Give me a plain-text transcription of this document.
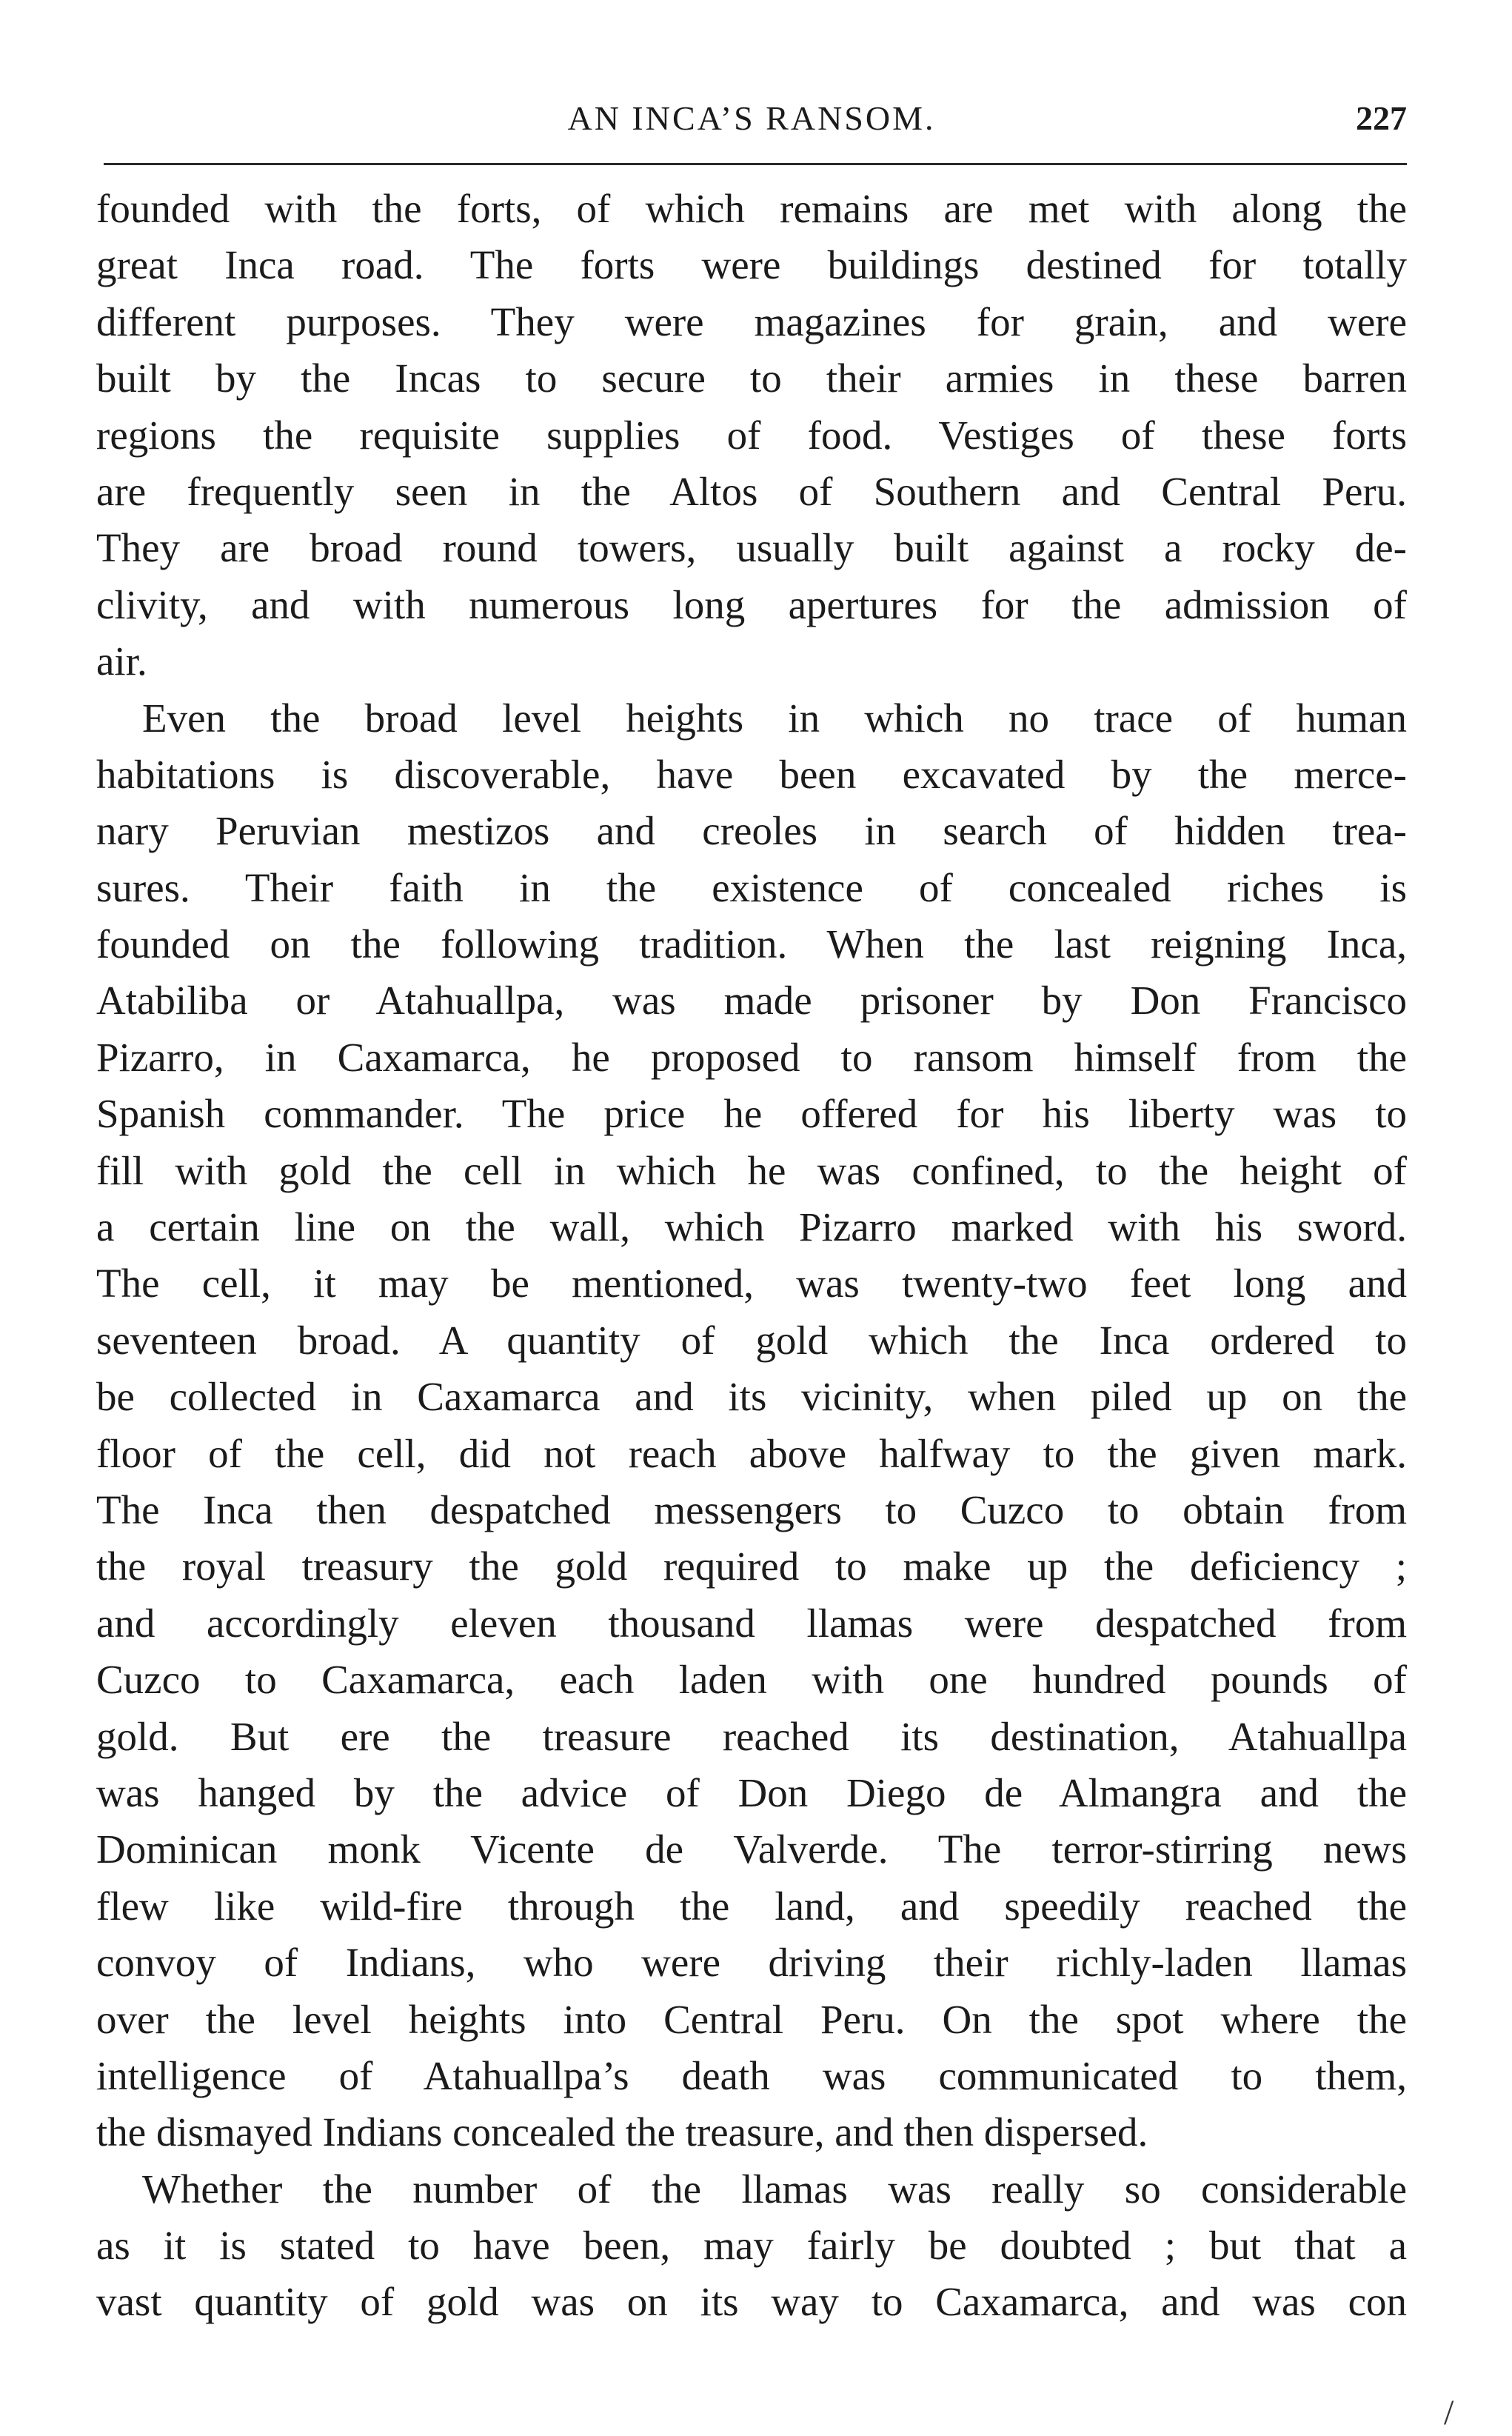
AN INCA’S RANSOM.	227
founded with the forts, of which remains are met with along the
great Inca road. The forts were buildings destined for totally
different purposes. They were magazines for grain, and were
built by the Incas to secure to their armies in these barren
regions the requisite supplies of food. Vestiges of these forts
are frequently seen in the Altos of Southern and Central Peru.
They are broad round towers, usually built against a rocky de-
clivity, and with numerous long apertures for the admission of
air.
Even the broad level heights in which no trace of human
habitations is discoverable, have been excavated by the merce-
nary Peruvian mestizos and creoles in search of hidden trea-
sures. Their faith in the existence of concealed riches is
founded on the following tradition. When the last reigning Inca,
Atabiliba or Atahuallpa, was made prisoner by Don Francisco
Pizarro, in Caxamarca, he proposed to ransom himself from the
Spanish commander. The price he offered for his liberty was to
fill with gold the cell in which he was confined, to the height of
a certain line on the wall, which Pizarro marked with his sword.
The cell, it may be mentioned, was twenty-two feet long and
seventeen broad. A quantity of gold which the Inca ordered to
be collected in Caxamarca and its vicinity, when piled up on the
floor of the cell, did not reach above halfway to the given mark.
The Inca then despatched messengers to Cuzco to obtain from
the royal treasury the gold required to make up the deficiency ;
and accordingly eleven thousand llamas were despatched from
Cuzco to Caxamarca, each laden with one hundred pounds of
gold. But ere the treasure reached its destination, Atahuallpa
was hanged by the advice of Don Diego de Almangra and the
Dominican monk Vicente de Valverde. The terror-stirring news
flew like wild-fire through the land, and speedily reached the
convoy of Indians, who were driving their richly-laden llamas
over the level heights into Central Peru. On the spot where the
intelligence of Atahuallpa’s death was communicated to them,
the dismayed Indians concealed the treasure, and then dispersed.
Whether the number of the llamas was really so considerable
as it is stated to have been, may fairly be doubted ; but that a
vast quantity of gold was on its way to Caxamarca, and was con
/
